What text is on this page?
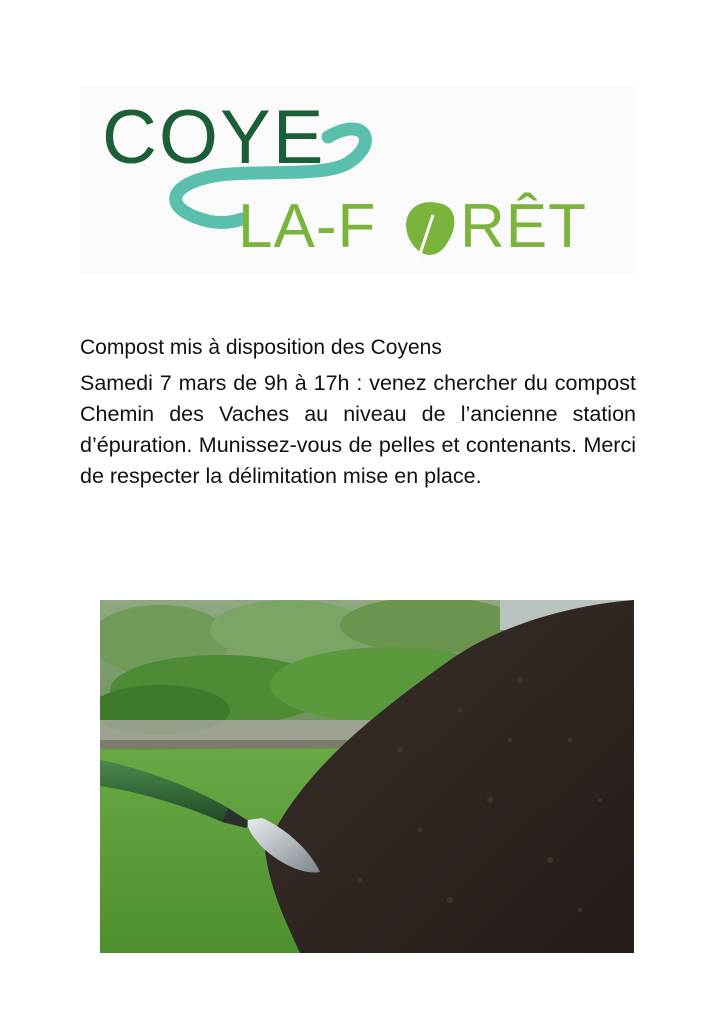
COYE
LA-F RÊT
Compost mis à disposition des Coyens

Samedi 7 mars de 9h à 17h : venez chercher du compost Chemin des Vaches au niveau de l’ancienne station d’épuration. Munissez-vous de pelles et contenants. Merci de respecter la délimitation mise en place.
